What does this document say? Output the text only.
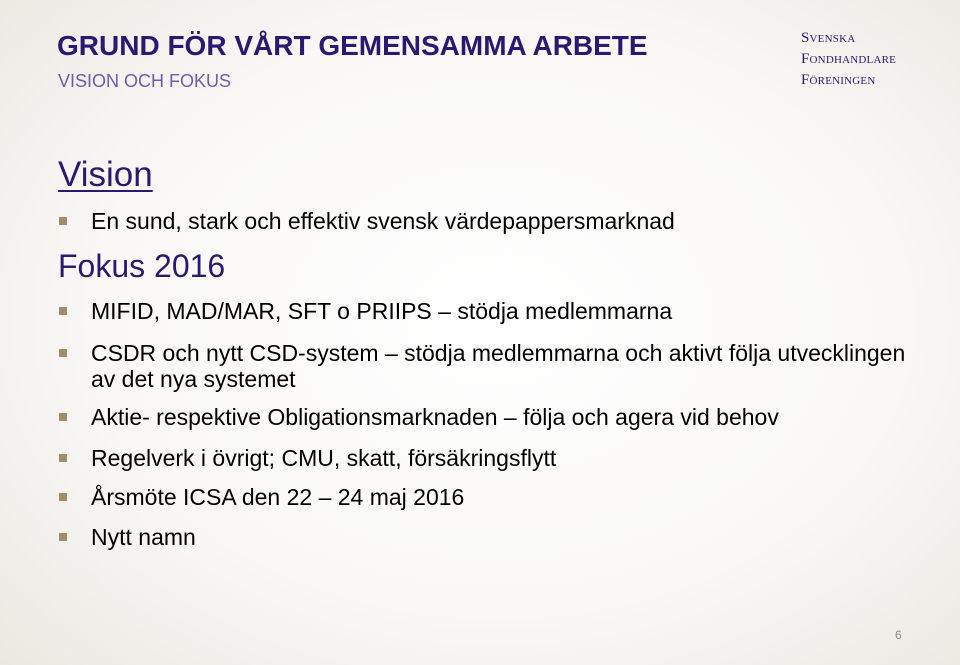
GRUND FÖR VÅRT GEMENSAMMA ARBETE
VISION OCH FOKUS
Svenska
Fondhandlare
Föreningen
Vision
En sund, stark och effektiv svensk värdepappersmarknad
Fokus 2016
MIFID, MAD/MAR, SFT o PRIIPS – stödja medlemmarna
CSDR och nytt CSD-system – stödja medlemmarna och aktivt följa utvecklingen av det nya systemet
Aktie- respektive Obligationsmarknaden – följa och agera vid behov
Regelverk i övrigt; CMU, skatt, försäkringsflytt
Årsmöte ICSA den 22 – 24 maj 2016
Nytt namn
6
